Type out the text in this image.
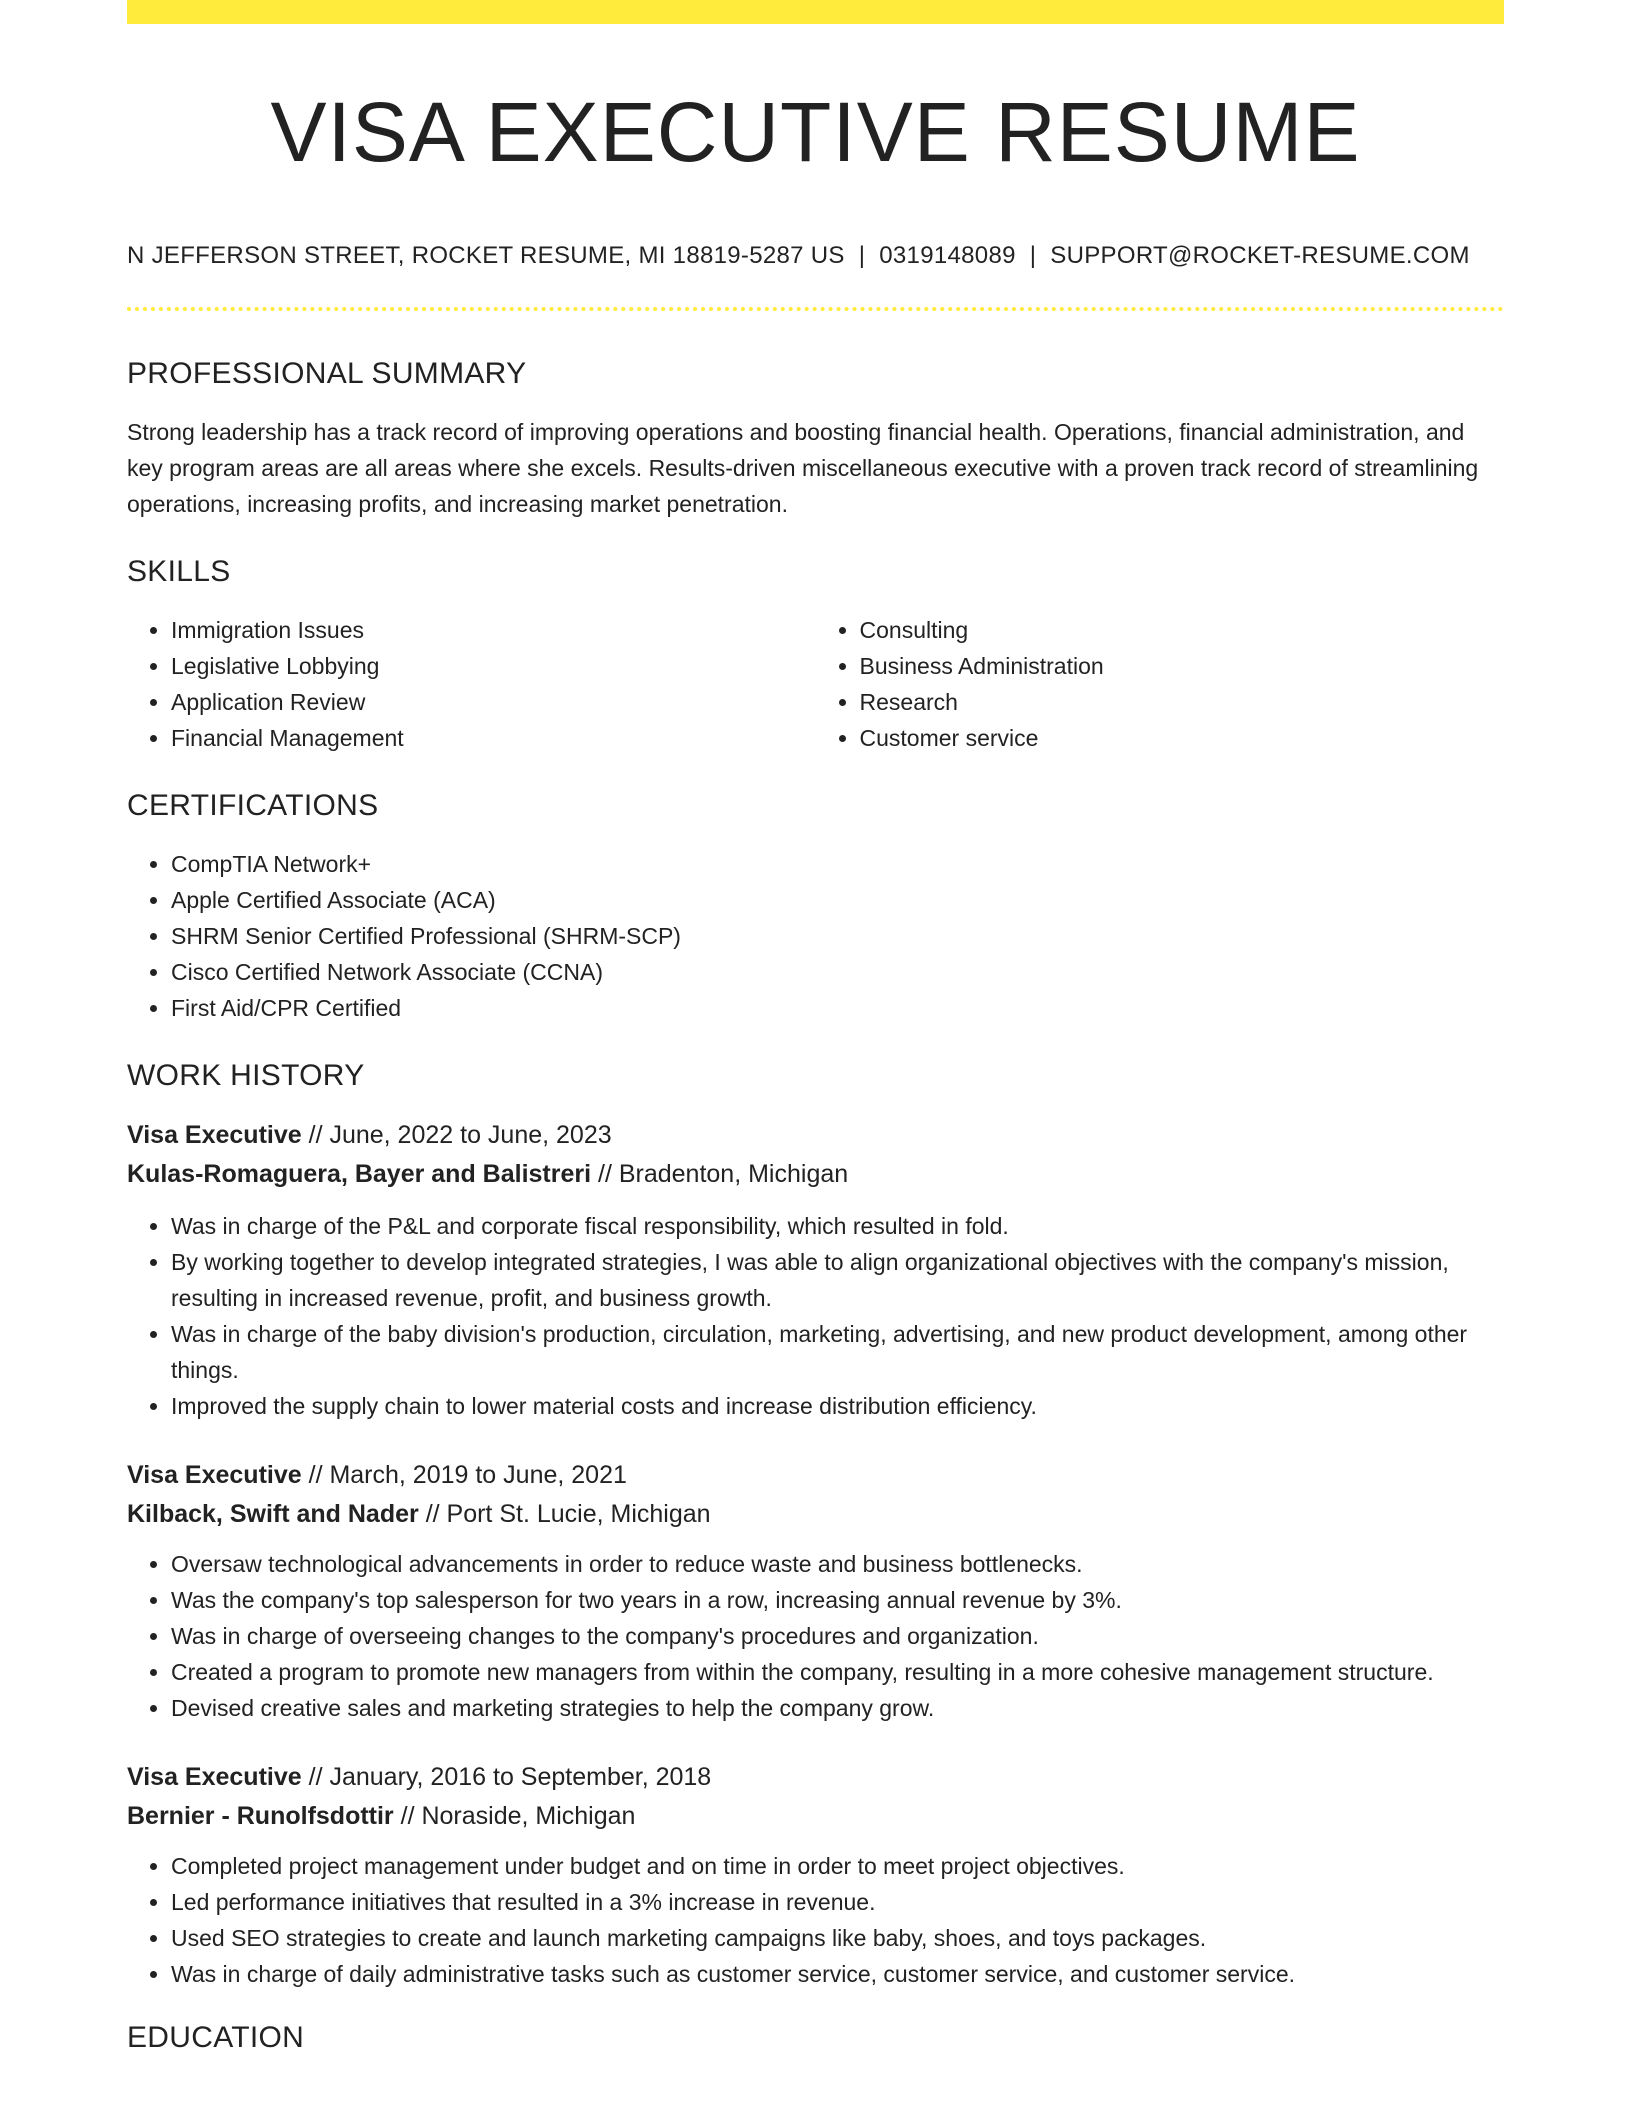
VISA EXECUTIVE RESUME
N JEFFERSON STREET, ROCKET RESUME, MI 18819-5287 US | 0319148089 | SUPPORT@ROCKET-RESUME.COM
PROFESSIONAL SUMMARY

Strong leadership has a track record of improving operations and boosting financial health. Operations, financial administration, and key program areas are all areas where she excels. Results-driven miscellaneous executive with a proven track record of streamlining operations, increasing profits, and increasing market penetration.

SKILLS
• Immigration Issues
• Legislative Lobbying
• Application Review
• Financial Management
• Consulting
• Business Administration
• Research
• Customer service
CERTIFICATIONS
• CompTIA Network+
• Apple Certified Associate (ACA)
• SHRM Senior Certified Professional (SHRM-SCP)
• Cisco Certified Network Associate (CCNA)
• First Aid/CPR Certified
WORK HISTORY
Visa Executive // June, 2022 to June, 2023
Kulas-Romaguera, Bayer and Balistreri // Bradenton, Michigan
• Was in charge of the P&L and corporate fiscal responsibility, which resulted in fold.
• By working together to develop integrated strategies, I was able to align organizational objectives with the company's mission, resulting in increased revenue, profit, and business growth.
• Was in charge of the baby division's production, circulation, marketing, advertising, and new product development, among other things.
• Improved the supply chain to lower material costs and increase distribution efficiency.
Visa Executive // March, 2019 to June, 2021
Kilback, Swift and Nader // Port St. Lucie, Michigan
• Oversaw technological advancements in order to reduce waste and business bottlenecks.
• Was the company's top salesperson for two years in a row, increasing annual revenue by 3%.
• Was in charge of overseeing changes to the company's procedures and organization.
• Created a program to promote new managers from within the company, resulting in a more cohesive management structure.
• Devised creative sales and marketing strategies to help the company grow.
Visa Executive // January, 2016 to September, 2018
Bernier - Runolfsdottir // Noraside, Michigan
• Completed project management under budget and on time in order to meet project objectives.
• Led performance initiatives that resulted in a 3% increase in revenue.
• Used SEO strategies to create and launch marketing campaigns like baby, shoes, and toys packages.
• Was in charge of daily administrative tasks such as customer service, customer service, and customer service.
EDUCATION
